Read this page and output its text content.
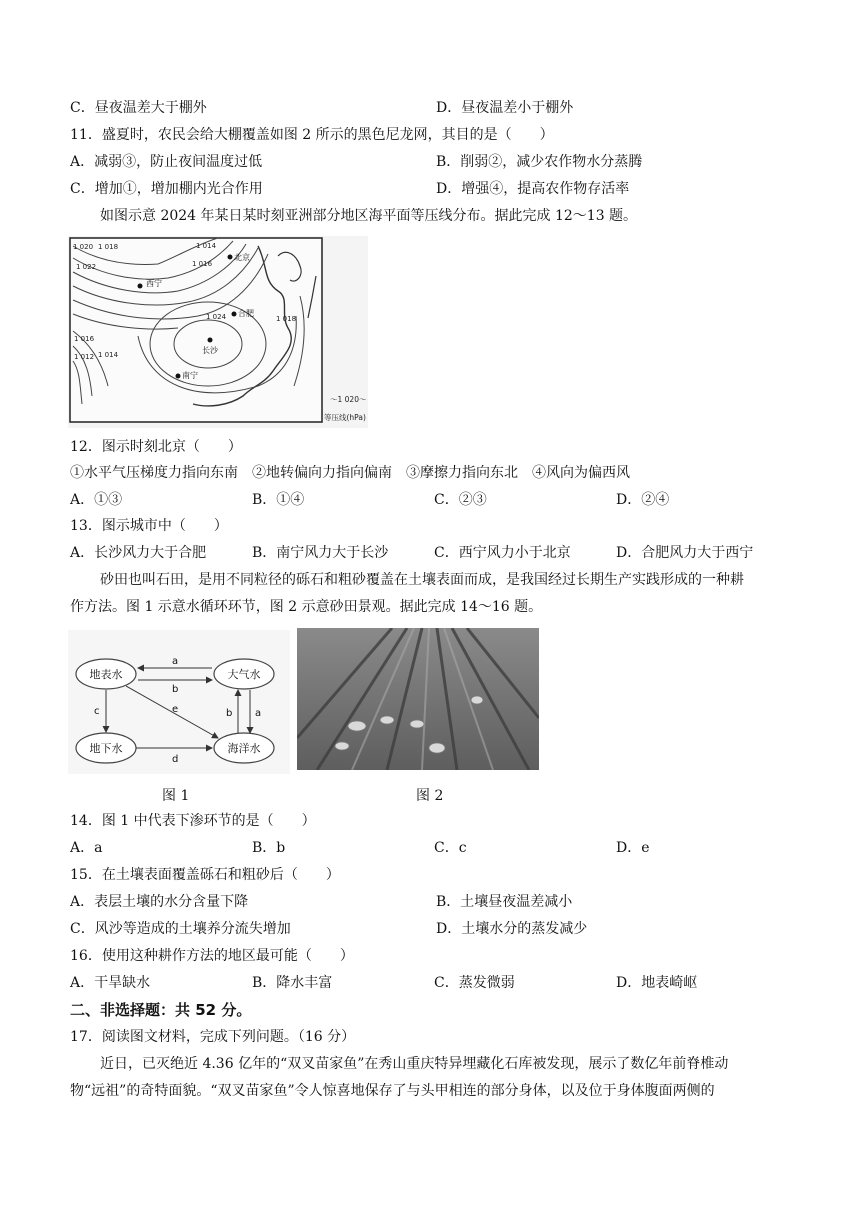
C．昼夜温差大于棚外	D．昼夜温差小于棚外
11．盛夏时，农民会给大棚覆盖如图 2 所示的黑色尼龙网，其目的是（　　）
A．减弱③，防止夜间温度过低	B．削弱②，减少农作物水分蒸腾
C．增加①，增加棚内光合作用	D．增强④，提高农作物存活率
如图示意 2024 年某日某时刻亚洲部分地区海平面等压线分布。据此完成 12～13 题。
1 020 1 018
1 022
1 014
1 016
1 024	1 018
1 016
1 012 1 014
北京
西宁
合肥
长沙
南宁
～1 020～
等压线(hPa)
12．图示时刻北京（　　）
①水平气压梯度力指向东南　②地转偏向力指向偏南　③摩擦力指向东北　④风向为偏西风
A．①③	B．①④	C．②③	D．②④
13．图示城市中（　　）
A．长沙风力大于合肥	B．南宁风力大于长沙	C．西宁风力小于北京	D．合肥风力大于西宁
砂田也叫石田，是用不同粒径的砾石和粗砂覆盖在土壤表面而成，是我国经过长期生产实践形成的一种耕
作方法。图 1 示意水循环环节，图 2 示意砂田景观。据此完成 14～16 题。
地表水	大气水
地下水	海洋水
a
b
c	e	b a
d
图 1	图 2
14．图 1 中代表下渗环节的是（　　）
A．a	B．b	C．c	D．e
15．在土壤表面覆盖砾石和粗砂后（　　）
A．表层土壤的水分含量下降	B．土壤昼夜温差减小
C．风沙等造成的土壤养分流失增加	D．土壤水分的蒸发减少
16．使用这种耕作方法的地区最可能（　　）
A．干旱缺水	B．降水丰富	C．蒸发微弱	D．地表崎岖
二、非选择题：共 52 分。
17．阅读图文材料，完成下列问题。（16 分）
近日，已灭绝近 4.36 亿年的“双叉苗家鱼”在秀山重庆特异埋藏化石库被发现，展示了数亿年前脊椎动
物“远祖”的奇特面貌。“双叉苗家鱼”令人惊喜地保存了与头甲相连的部分身体，以及位于身体腹面两侧的
